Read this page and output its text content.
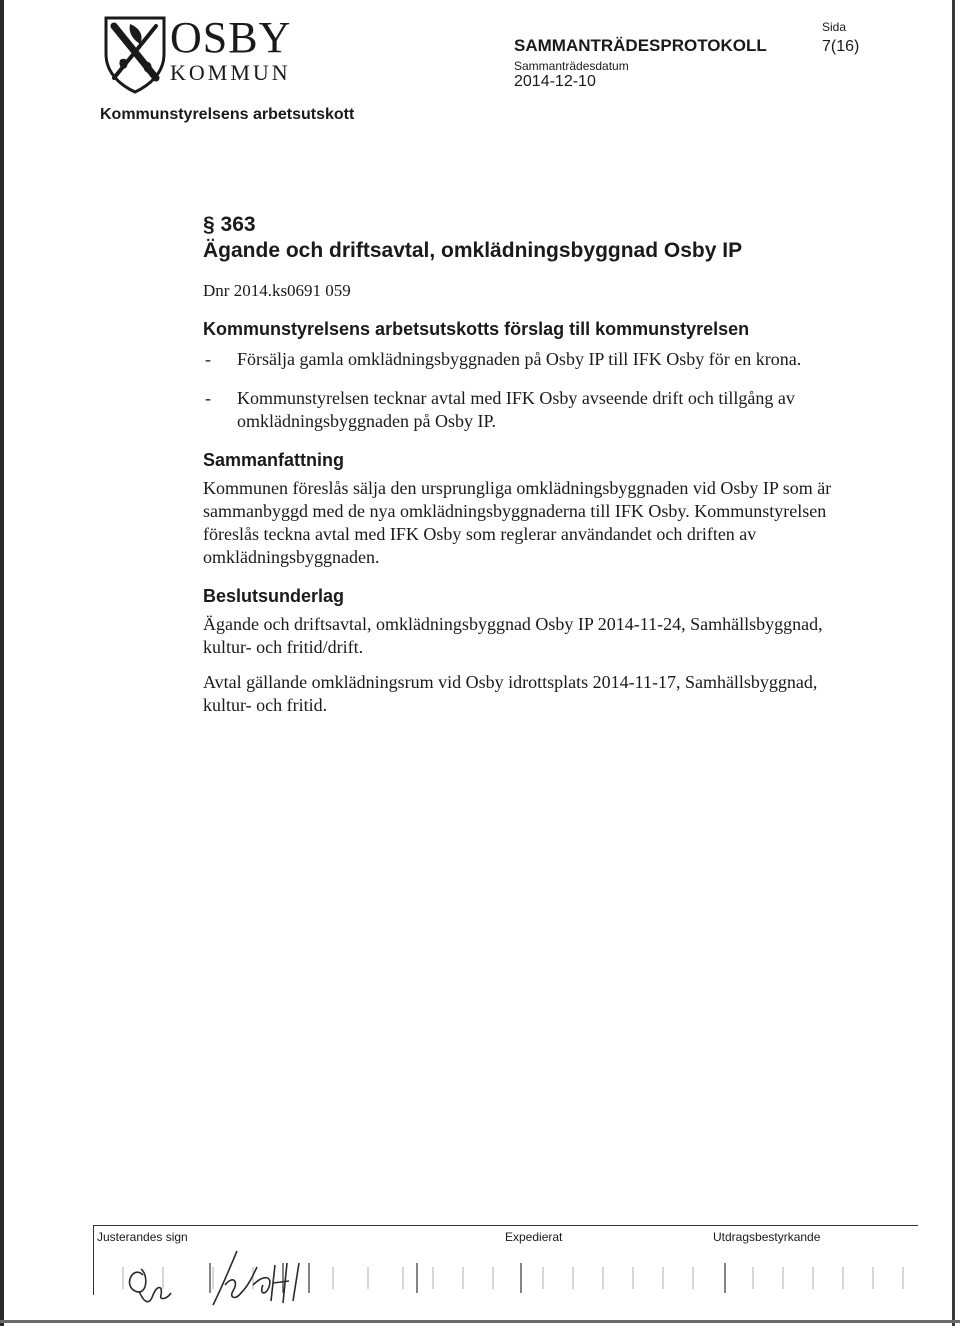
OSBY
KOMMUN
SAMMANTRÄDESPROTOKOLL
Sammanträdesdatum
2014-12-10
Sida
7(16)
Kommunstyrelsens arbetsutskott
§ 363
Ägande och driftsavtal, omklädningsbyggnad Osby IP
Dnr 2014.ks0691 059
Kommunstyrelsens arbetsutskotts förslag till kommunstyrelsen
- Försälja gamla omklädningsbyggnaden på Osby IP till IFK Osby för en krona.
- Kommunstyrelsen tecknar avtal med IFK Osby avseende drift och tillgång av omklädningsbyggnaden på Osby IP.
Sammanfattning

Kommunen föreslås sälja den ursprungliga omklädningsbyggnaden vid Osby IP som är sammanbyggd med de nya omklädningsbyggnaderna till IFK Osby. Kommunstyrelsen föreslås teckna avtal med IFK Osby som reglerar användandet och driften av omklädningsbyggnaden.

Beslutsunderlag

Ägande och driftsavtal, omklädningsbyggnad Osby IP 2014-11-24, Samhällsbyggnad, kultur- och fritid/drift.

Avtal gällande omklädningsrum vid Osby idrottsplats 2014-11-17, Samhällsbyggnad, kultur- och fritid.

Justerandes sign	Expedierat	Utdragsbestyrkande
